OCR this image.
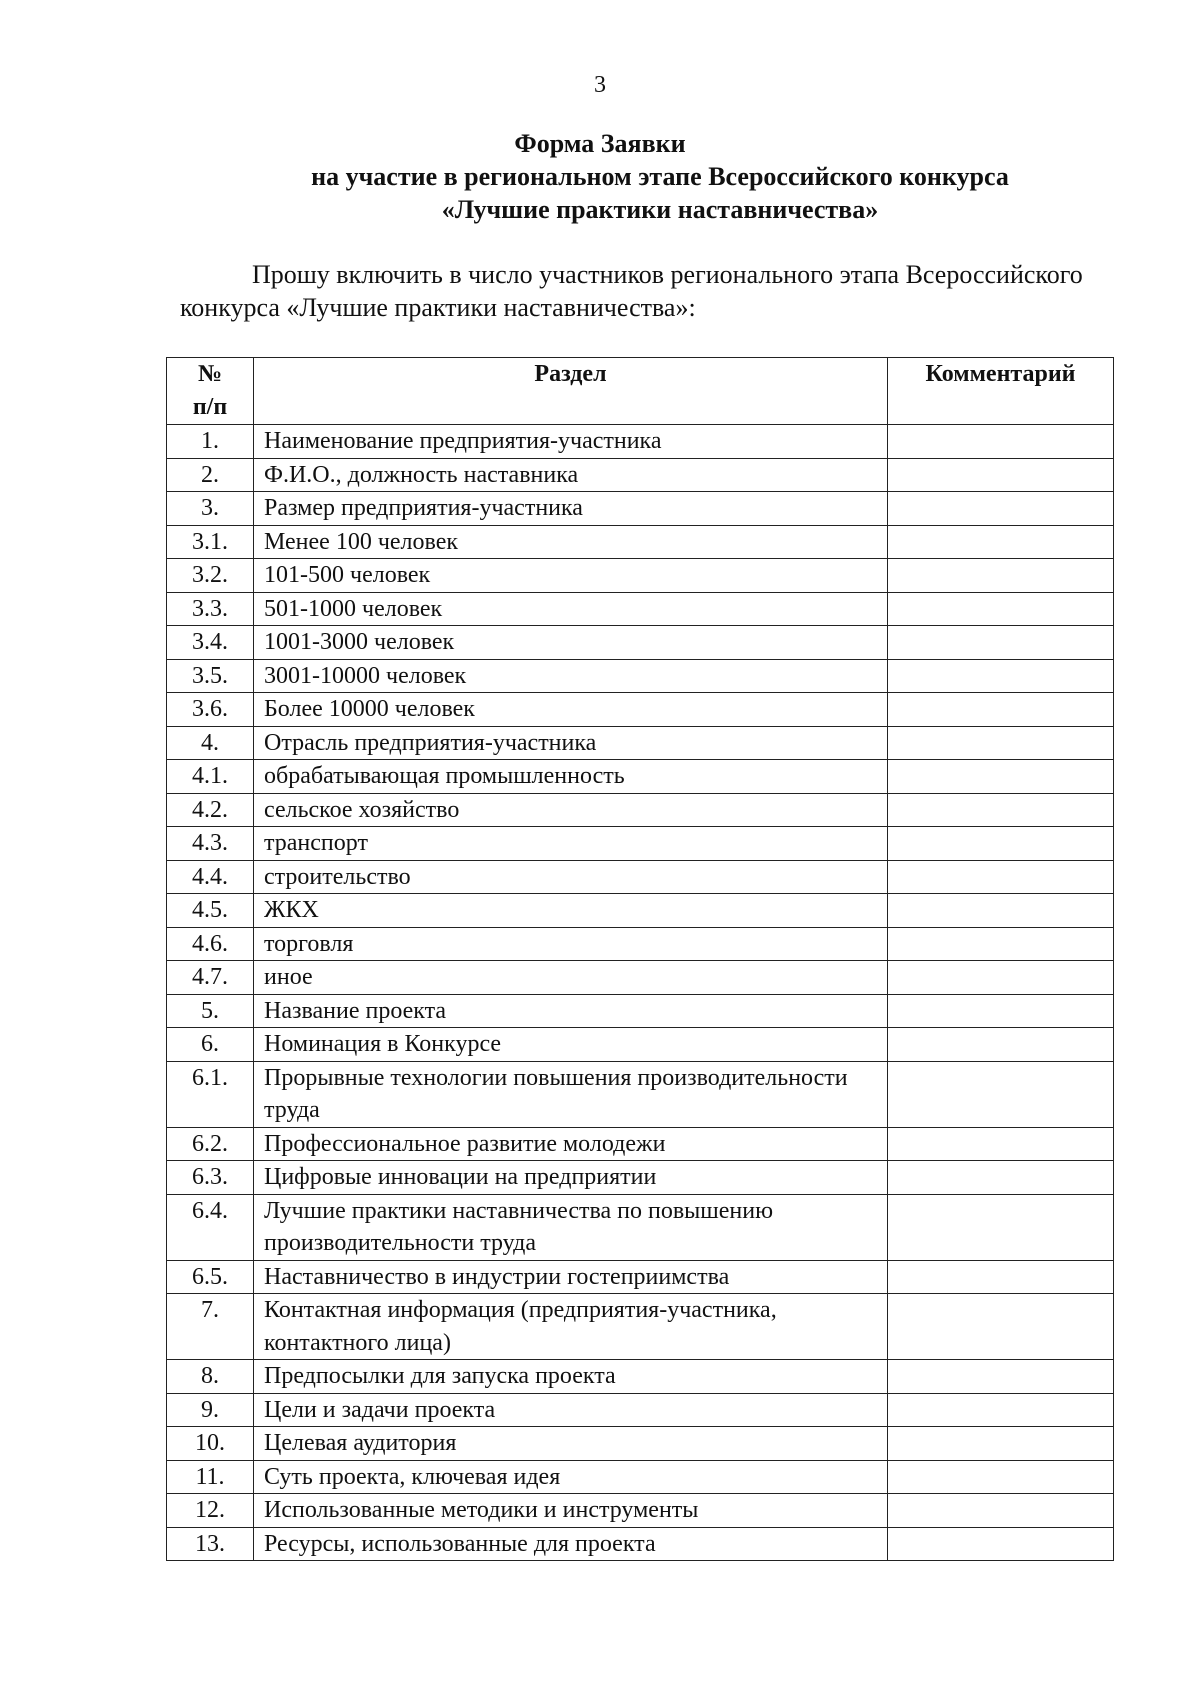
3
Форма Заявки
на участие в региональном этапе Всероссийского конкурса
«Лучшие практики наставничества»
Прошу включить в число участников регионального этапа Всероссийского
конкурса «Лучшие практики наставничества»:
№
п/п	Раздел	Комментарий
1.	Наименование предприятия-участника	
2.	Ф.И.О., должность наставника	
3.	Размер предприятия-участника	
3.1.	Менее 100 человек	
3.2.	101-500 человек	
3.3.	501-1000 человек	
3.4.	1001-3000 человек	
3.5.	3001-10000 человек	
3.6.	Более 10000 человек	
4.	Отрасль предприятия-участника	
4.1.	обрабатывающая промышленность	
4.2.	сельское хозяйство	
4.3.	транспорт	
4.4.	строительство	
4.5.	ЖКХ	
4.6.	торговля	
4.7.	иное	
5.	Название проекта	
6.	Номинация в Конкурсе	
6.1.	Прорывные технологии повышения производительности труда	
6.2.	Профессиональное развитие молодежи	
6.3.	Цифровые инновации на предприятии	
6.4.	Лучшие практики наставничества по повышению производительности труда	
6.5.	Наставничество в индустрии гостеприимства	
7.	Контактная информация (предприятия-участника, контактного лица)	
8.	Предпосылки для запуска проекта	
9.	Цели и задачи проекта	
10.	Целевая аудитория	
11.	Суть проекта, ключевая идея	
12.	Использованные методики и инструменты	
13.	Ресурсы, использованные для проекта	
